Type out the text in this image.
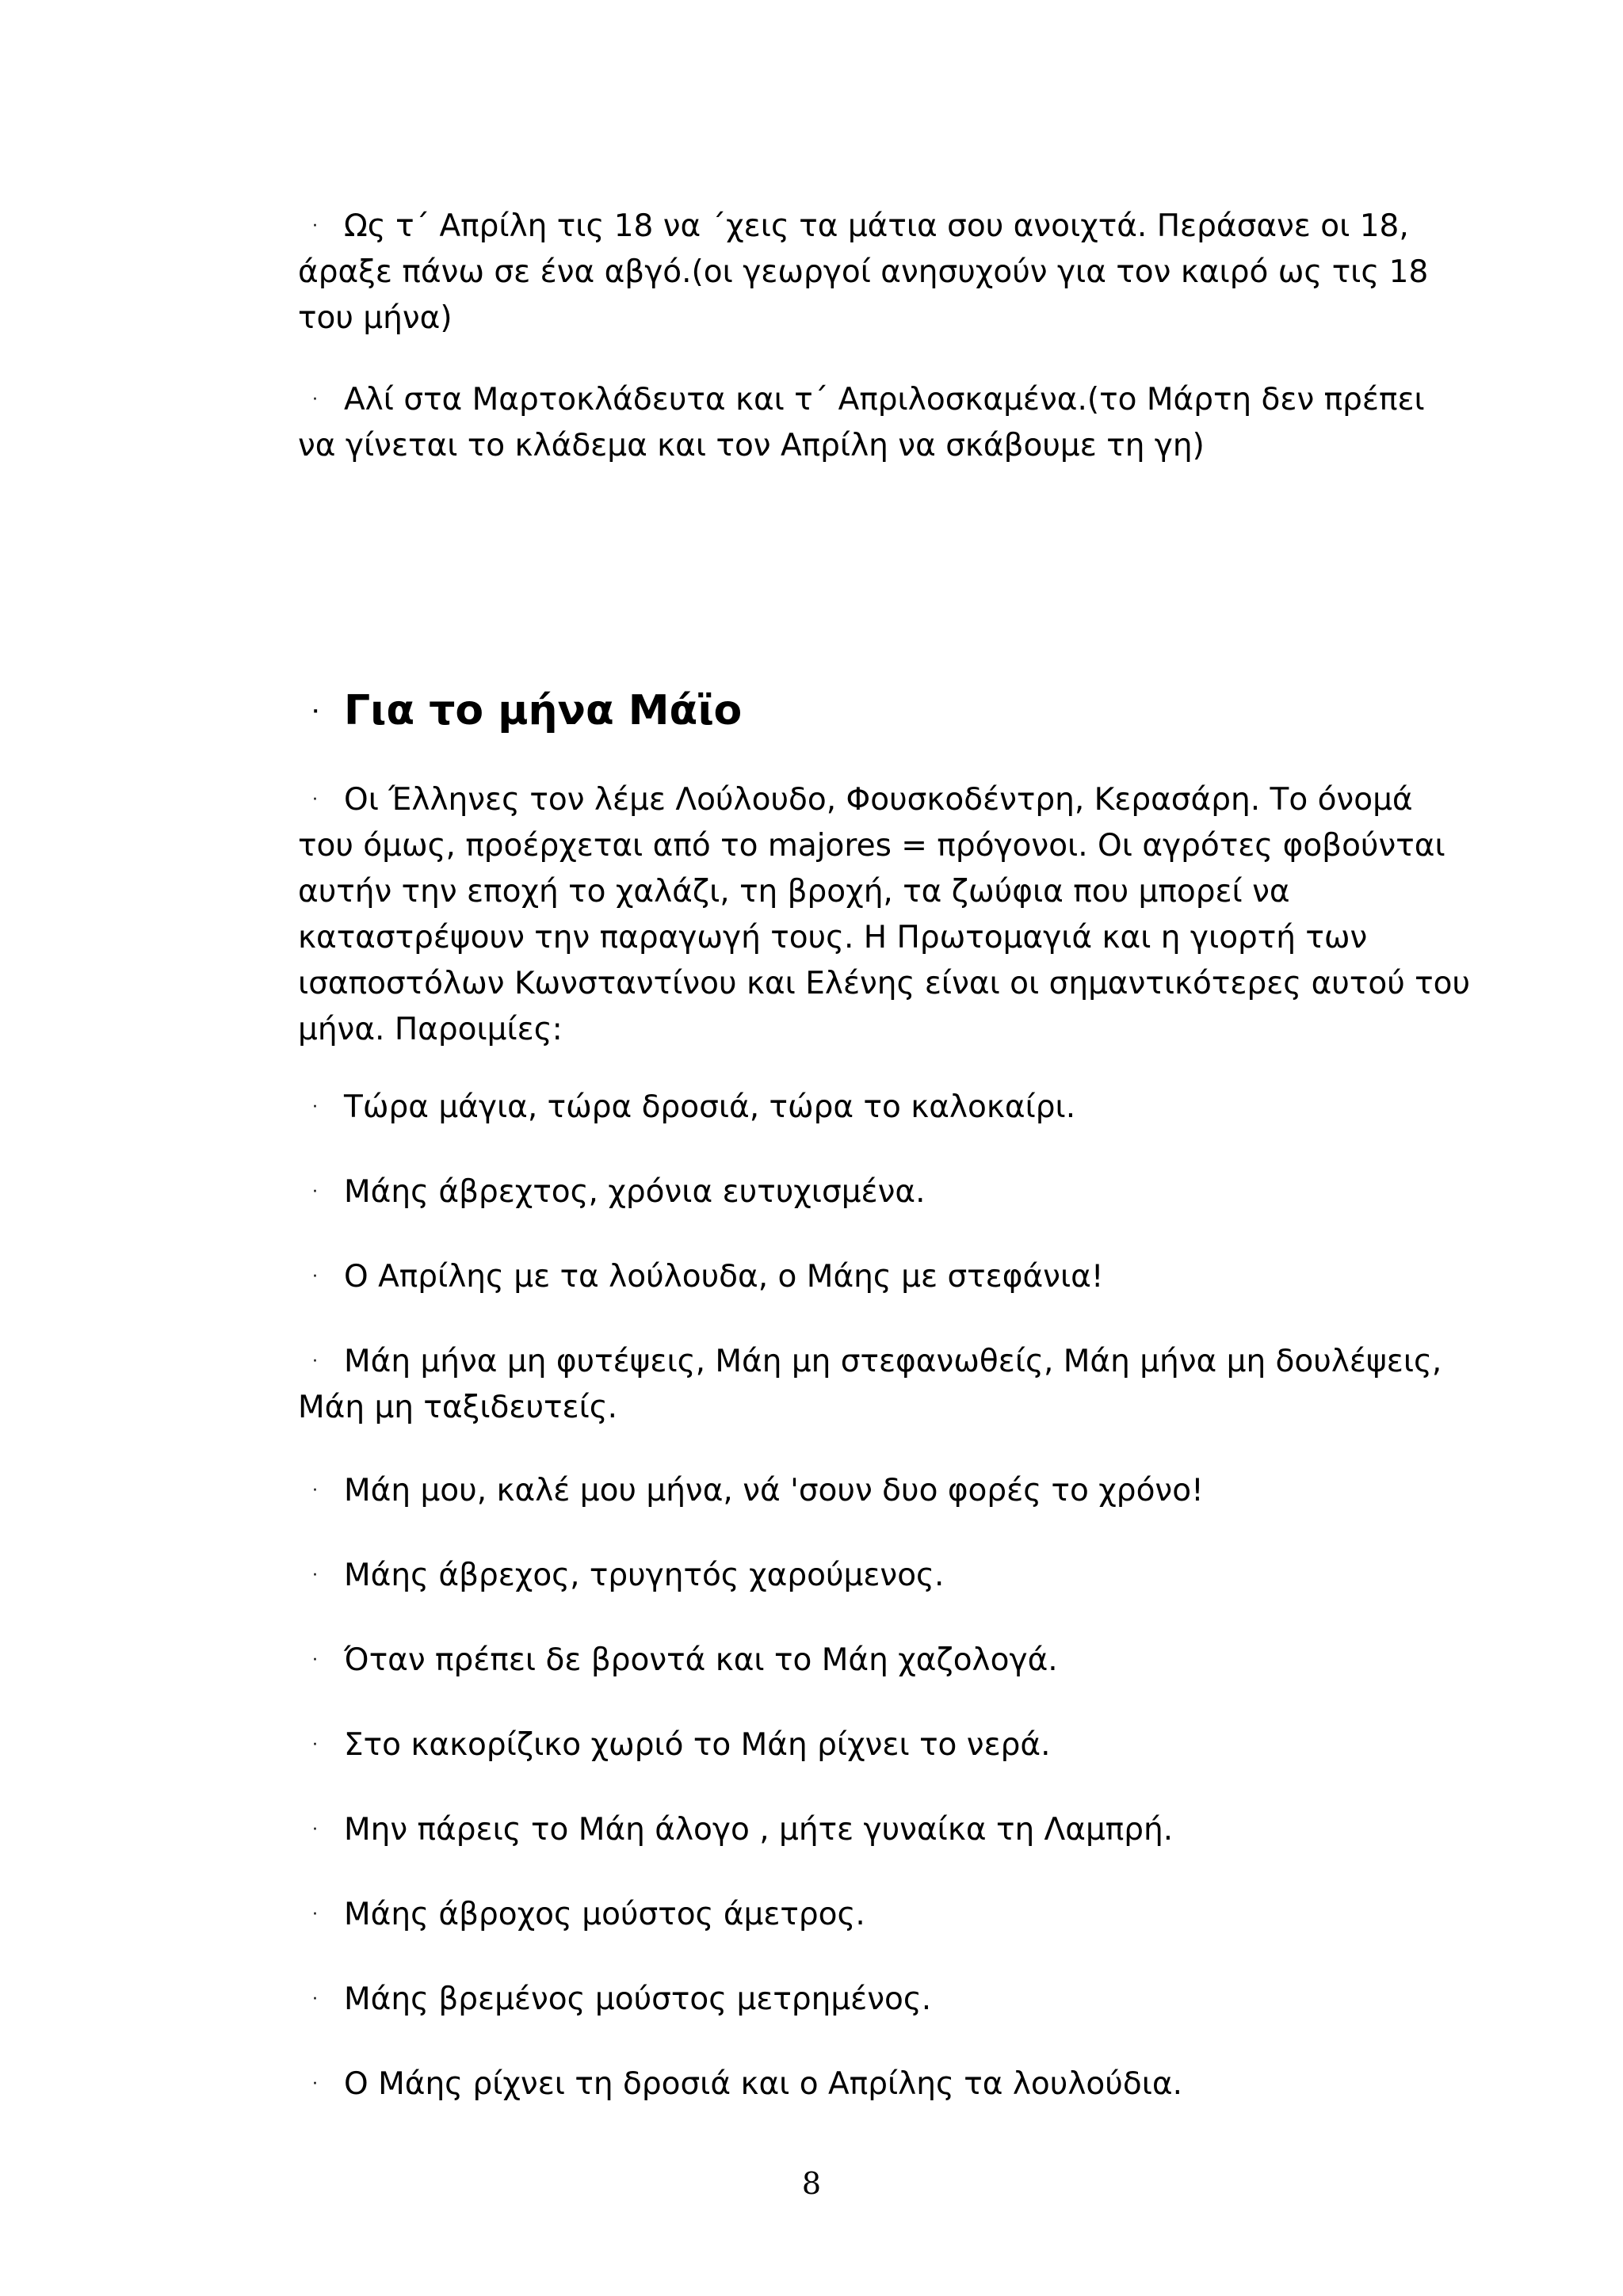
· Ως τ΄ Απρίλη τις 18 να ΄χεις τα μάτια σου ανοιχτά. Περάσανε οι 18,
άραξε πάνω σε ένα αβγό.(οι γεωργοί ανησυχούν για τον καιρό ως τις 18
του μήνα)
· Αλί στα Μαρτοκλάδευτα και τ΄ Απριλοσκαμένα.(το Μάρτη δεν πρέπει
να γίνεται το κλάδεμα και τον Απρίλη να σκάβουμε τη γη)
· Για το μήνα Μάϊο
· Οι Έλληνες τον λέμε Λούλουδο, Φουσκοδέντρη, Κερασάρη. Το όνομά
του όμως, προέρχεται από το majores = πρόγονοι. Οι αγρότες φοβούνται
αυτήν την εποχή το χαλάζι, τη βροχή, τα ζωύφια που μπορεί να
καταστρέψουν την παραγωγή τους. Η Πρωτομαγιά και η γιορτή των
ισαποστόλων Κωνσταντίνου και Ελένης είναι οι σημαντικότερες αυτού του
μήνα. Παροιμίες:
· Τώρα μάγια, τώρα δροσιά, τώρα το καλοκαίρι.
· Μάης άβρεχτος, χρόνια ευτυχισμένα.
· Ο Απρίλης με τα λούλουδα, ο Μάης με στεφάνια!
· Μάη μήνα μη φυτέψεις, Μάη μη στεφανωθείς, Μάη μήνα μη δουλέψεις,
Μάη μη ταξιδευτείς.
· Μάη μου, καλέ μου μήνα, νά 'σουν δυο φορές το χρόνο!
· Μάης άβρεχος, τρυγητός χαρούμενος.
· Όταν πρέπει δε βροντά και το Μάη χαζολογά.
· Στο κακορίζικο χωριό το Μάη ρίχνει το νερά.
· Μην πάρεις το Μάη άλογο , μήτε γυναίκα τη Λαμπρή.
· Μάης άβροχος μούστος άμετρος.
· Μάης βρεμένος μούστος μετρημένος.
· Ο Μάης ρίχνει τη δροσιά και ο Απρίλης τα λουλούδια.
8
